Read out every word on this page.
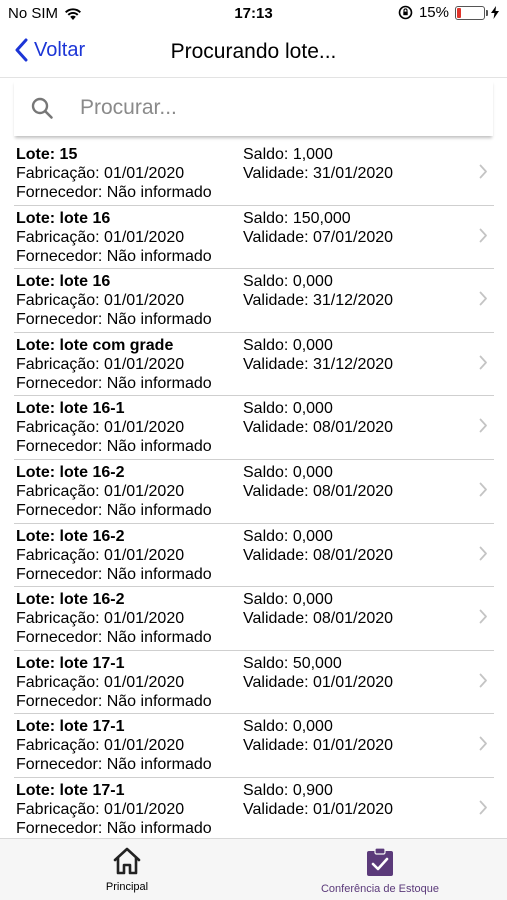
No SIM	17:13	15%
Voltar	Procurando lote...
Procurar...
Lote: 15
Fabricação: 01/01/2020
Fornecedor: Não informado
Saldo: 1,000
Validade: 31/01/2020
Lote: lote 16
Fabricação: 01/01/2020
Fornecedor: Não informado
Saldo: 150,000
Validade: 07/01/2020
Lote: lote 16
Fabricação: 01/01/2020
Fornecedor: Não informado
Saldo: 0,000
Validade: 31/12/2020
Lote: lote com grade
Fabricação: 01/01/2020
Fornecedor: Não informado
Saldo: 0,000
Validade: 31/12/2020
Lote: lote 16-1
Fabricação: 01/01/2020
Fornecedor: Não informado
Saldo: 0,000
Validade: 08/01/2020
Lote: lote 16-2
Fabricação: 01/01/2020
Fornecedor: Não informado
Saldo: 0,000
Validade: 08/01/2020
Lote: lote 16-2
Fabricação: 01/01/2020
Fornecedor: Não informado
Saldo: 0,000
Validade: 08/01/2020
Lote: lote 16-2
Fabricação: 01/01/2020
Fornecedor: Não informado
Saldo: 0,000
Validade: 08/01/2020
Lote: lote 17-1
Fabricação: 01/01/2020
Fornecedor: Não informado
Saldo: 50,000
Validade: 01/01/2020
Lote: lote 17-1
Fabricação: 01/01/2020
Fornecedor: Não informado
Saldo: 0,000
Validade: 01/01/2020
Lote: lote 17-1
Fabricação: 01/01/2020
Fornecedor: Não informado
Saldo: 0,900
Validade: 01/01/2020
Principal	Conferência de Estoque
